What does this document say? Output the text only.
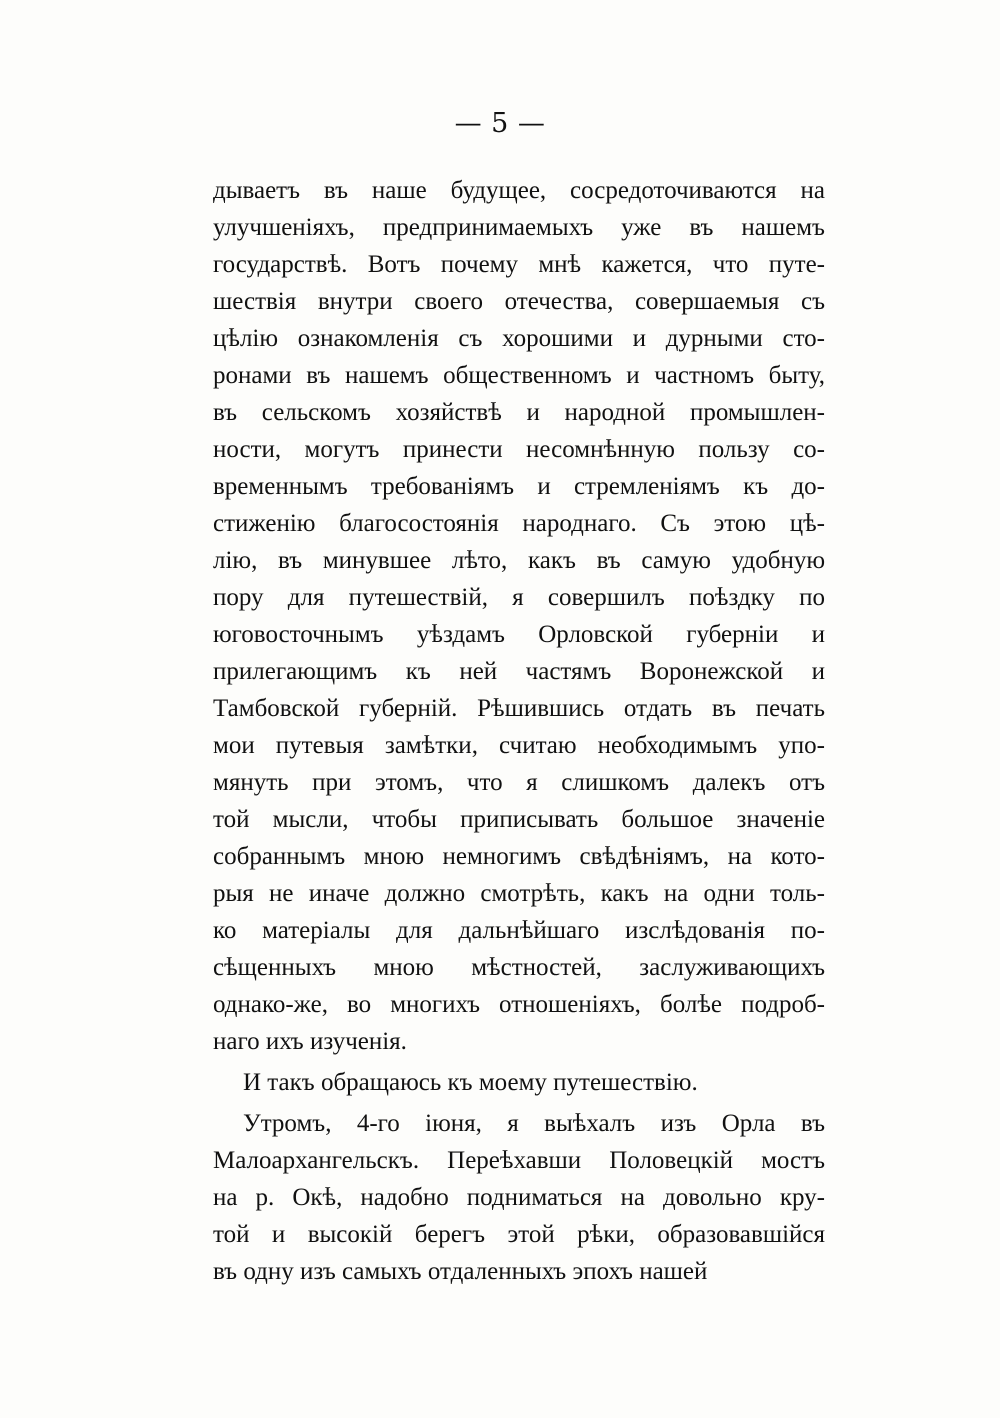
— 5 —
дываетъ въ наше будущее, сосредоточиваются на
улучшенiяхъ, предпринимаемыхъ уже въ нашемъ
государствѣ. Вотъ почему мнѣ кажется, что путе-
шествiя внутри своего отечества, совершаемыя съ
цѣлiю ознакомленiя съ хорошими и дурными сто-
ронами въ нашемъ общественномъ и частномъ быту,
въ сельскомъ хозяйствѣ и народной промышлен-
ности, могутъ принести несомнѣнную пользу со-
временнымъ требованiямъ и стремленiямъ къ до-
стиженiю благосостоянiя народнаго. Съ этою цѣ-
лiю, въ минувшее лѣто, какъ въ самую удобную
пору для путешествiй, я совершилъ поѣздку по
юговосточнымъ уѣздамъ Орловской губернiи и
прилегающимъ къ ней частямъ Воронежской и
Тамбовской губернiй. Рѣшившись отдать въ печать
мои путевыя замѣтки, считаю необходимымъ упо-
мянуть при этомъ, что я слишкомъ далекъ отъ
той мысли, чтобы приписывать большое значенiе
собраннымъ мною немногимъ свѣдѣнiямъ, на кото-
рыя не иначе должно смотрѣть, какъ на одни толь-
ко матерiалы для дальнѣйшаго изслѣдованiя по-
сѣщенныхъ мною мѣстностей, заслуживающихъ
однако-же, во многихъ отношенiяхъ, болѣе подроб-
наго ихъ изученiя.
И такъ обращаюсь къ моему путешествiю.
Утромъ, 4-го iюня, я выѣхалъ изъ Орла въ
Малоархангельскъ. Переѣхавши Половецкiй мостъ
на р. Окѣ, надобно подниматься на довольно кру-
той и высокiй берегъ этой рѣки, образовавшiйся
въ одну изъ самыхъ отдаленныхъ эпохъ нашей
